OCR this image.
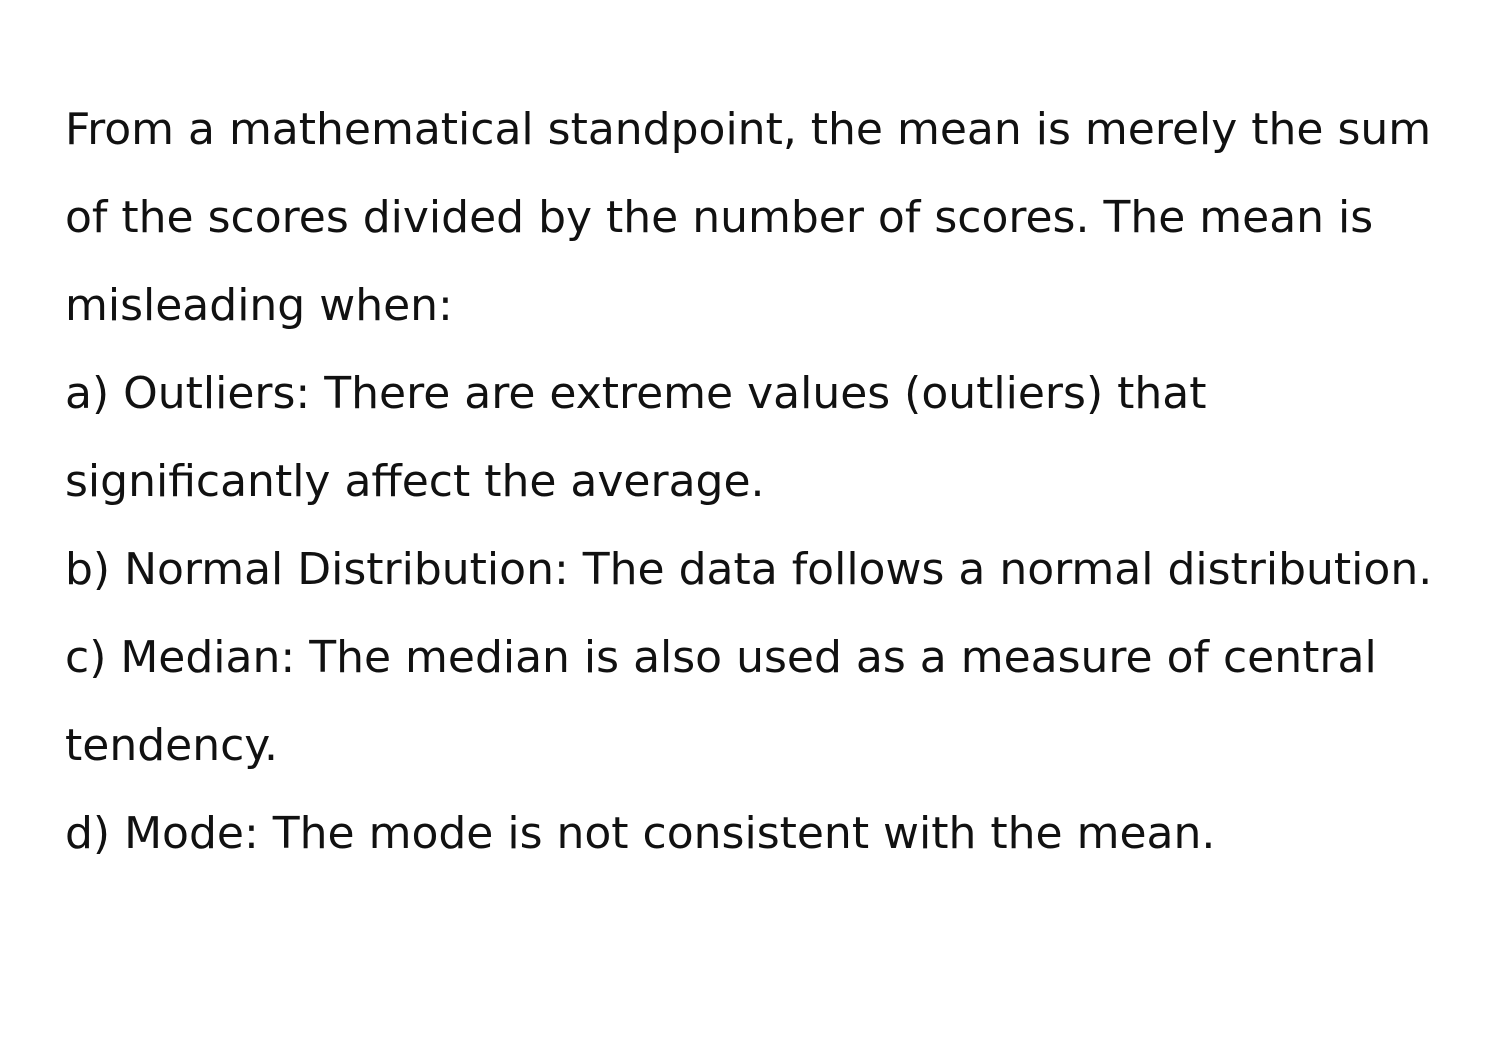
From a mathematical standpoint, the mean is merely the sum of the scores divided by the number of scores. The mean is misleading when:

a) Outliers: There are extreme values (outliers) that significantly affect the average.
b) Normal Distribution: The data follows a normal distribution.
c) Median: The median is also used as a measure of central tendency.
d) Mode: The mode is not consistent with the mean.
